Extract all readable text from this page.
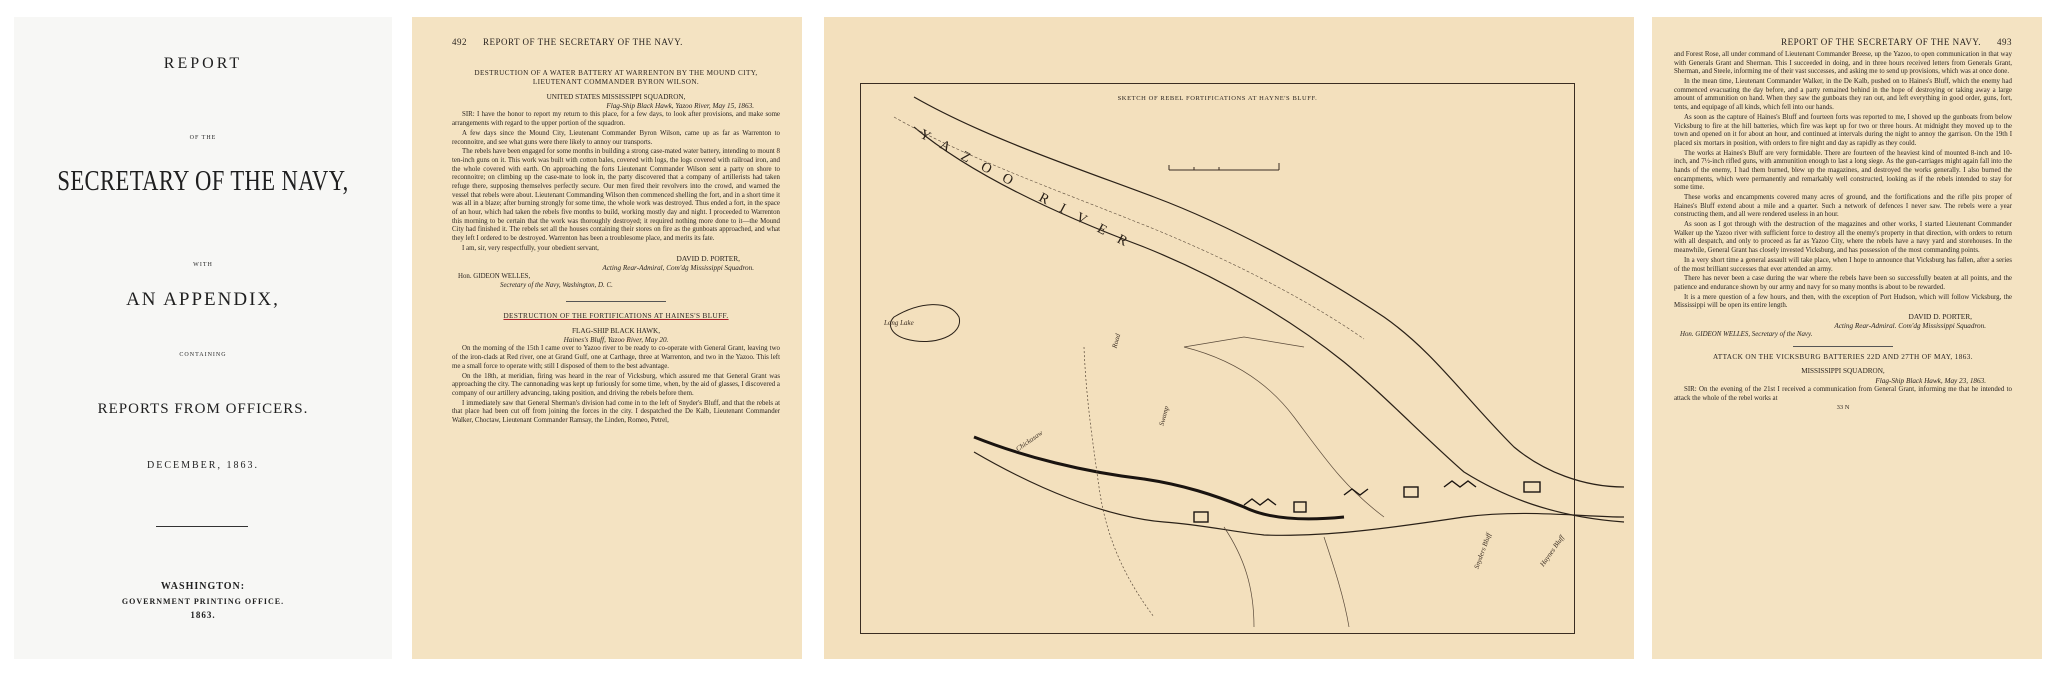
REPORT
OF THE
SECRETARY OF THE NAVY,
WITH
AN APPENDIX,
CONTAINING
REPORTS FROM OFFICERS.
DECEMBER, 1863.
WASHINGTON:
GOVERNMENT PRINTING OFFICE.
1863.
492 REPORT OF THE SECRETARY OF THE NAVY.
DESTRUCTION OF A WATER BATTERY AT WARRENTON BY THE MOUND CITY, LIEUTENANT COMMANDER BYRON WILSON.
UNITED STATES MISSISSIPPI SQUADRON,
Flag-Ship Black Hawk, Yazoo River, May 15, 1863.

SIR: I have the honor to report my return to this place, for a few days, to look after provisions, and make some arrangements with regard to the upper portion of the squadron.

A few days since the Mound City, Lieutenant Commander Byron Wilson, came up as far as Warrenton to reconnoitre, and see what guns were there likely to annoy our transports.

The rebels have been engaged for some months in building a strong case-mated water battery, intending to mount 8 ten-inch guns on it. This work was built with cotton bales, covered with logs, the logs covered with railroad iron, and the whole covered with earth. On approaching the forts Lieutenant Commander Wilson sent a party on shore to reconnoitre; on climbing up the case-mate to look in, the party discovered that a company of artillerists had taken refuge there, supposing themselves perfectly secure. Our men fired their revolvers into the crowd, and warned the vessel that rebels were about. Lieutenant Commanding Wilson then commenced shelling the fort, and in a short time it was all in a blaze; after burning strongly for some time, the whole work was destroyed. Thus ended a fort, in the space of an hour, which had taken the rebels five months to build, working mostly day and night. I proceeded to Warrenton this morning to be certain that the work was thoroughly destroyed; it required nothing more done to it—the Mound City had finished it. The rebels set all the houses containing their stores on fire as the gunboats approached, and what they left I ordered to be destroyed. Warrenton has been a troublesome place, and merits its fate.

I am, sir, very respectfully, your obedient servant,

DAVID D. PORTER,
Acting Rear-Admiral, Com'dg Mississippi Squadron.
Hon. GIDEON WELLES,
Secretary of the Navy, Washington, D. C.
DESTRUCTION OF THE FORTIFICATIONS AT HAINES'S BLUFF.
FLAG-SHIP BLACK HAWK,
Haines's Bluff, Yazoo River, May 20.

On the morning of the 15th I came over to Yazoo river to be ready to co-operate with General Grant, leaving two of the iron-clads at Red river, one at Grand Gulf, one at Carthage, three at Warrenton, and two in the Yazoo. This left me a small force to operate with; still I disposed of them to the best advantage.

On the 18th, at meridian, firing was heard in the rear of Vicksburg, which assured me that General Grant was approaching the city. The cannonading was kept up furiously for some time, when, by the aid of glasses, I discovered a company of our artillery advancing, taking position, and driving the rebels before them.

I immediately saw that General Sherman's division had come in to the left of Snyder's Bluff, and that the rebels at that place had been cut off from joining the forces in the city. I despatched the De Kalb, Lieutenant Commander Walker, Choctaw, Lieutenant Commander Ramsay, the Linden, Romeo, Petrel,

SKETCH OF REBEL FORTIFICATIONS AT HAYNE'S BLUFF.
YAZOO RIVER
Long Lake
Road
Swamp
Chickasaw
Snyders Bluff	Haynes Bluff
REPORT OF THE SECRETARY OF THE NAVY. 493

and Forest Rose, all under command of Lieutenant Commander Breese, up the Yazoo, to open communication in that way with Generals Grant and Sherman. This I succeeded in doing, and in three hours received letters from Generals Grant, Sherman, and Steele, informing me of their vast successes, and asking me to send up provisions, which was at once done.

In the mean time, Lieutenant Commander Walker, in the De Kalb, pushed on to Haines's Bluff, which the enemy had commenced evacuating the day before, and a party remained behind in the hope of destroying or taking away a large amount of ammunition on hand. When they saw the gunboats they ran out, and left everything in good order, guns, fort, tents, and equipage of all kinds, which fell into our hands.

As soon as the capture of Haines's Bluff and fourteen forts was reported to me, I shoved up the gunboats from below Vicksburg to fire at the hill batteries, which fire was kept up for two or three hours. At midnight they moved up to the town and opened on it for about an hour, and continued at intervals during the night to annoy the garrison. On the 19th I placed six mortars in position, with orders to fire night and day as rapidly as they could.

The works at Haines's Bluff are very formidable. There are fourteen of the heaviest kind of mounted 8-inch and 10-inch, and 7½-inch rifled guns, with ammunition enough to last a long siege. As the gun-carriages might again fall into the hands of the enemy, I had them burned, blew up the magazines, and destroyed the works generally. I also burned the encampments, which were permanently and remarkably well constructed, looking as if the rebels intended to stay for some time.

These works and encampments covered many acres of ground, and the fortifications and the rifle pits proper of Haines's Bluff extend about a mile and a quarter. Such a network of defences I never saw. The rebels were a year constructing them, and all were rendered useless in an hour.

As soon as I got through with the destruction of the magazines and other works, I started Lieutenant Commander Walker up the Yazoo river with sufficient force to destroy all the enemy's property in that direction, with orders to return with all despatch, and only to proceed as far as Yazoo City, where the rebels have a navy yard and storehouses. In the meanwhile, General Grant has closely invested Vicksburg, and has possession of the most commanding points.

In a very short time a general assault will take place, when I hope to announce that Vicksburg has fallen, after a series of the most brilliant successes that ever attended an army.

There has never been a case during the war where the rebels have been so successfully beaten at all points, and the patience and endurance shown by our army and navy for so many months is about to be rewarded.

It is a mere question of a few hours, and then, with the exception of Port Hudson, which will follow Vicksburg, the Mississippi will be open its entire length.

DAVID D. PORTER,
Acting Rear-Admiral. Com'dg Mississippi Squadron.
Hon. GIDEON WELLES, Secretary of the Navy.
ATTACK ON THE VICKSBURG BATTERIES 22D AND 27TH OF MAY, 1863.
MISSISSIPPI SQUADRON,
Flag-Ship Black Hawk, May 23, 1863.

SIR: On the evening of the 21st I received a communication from General Grant, informing me that he intended to attack the whole of the rebel works at

33 N
